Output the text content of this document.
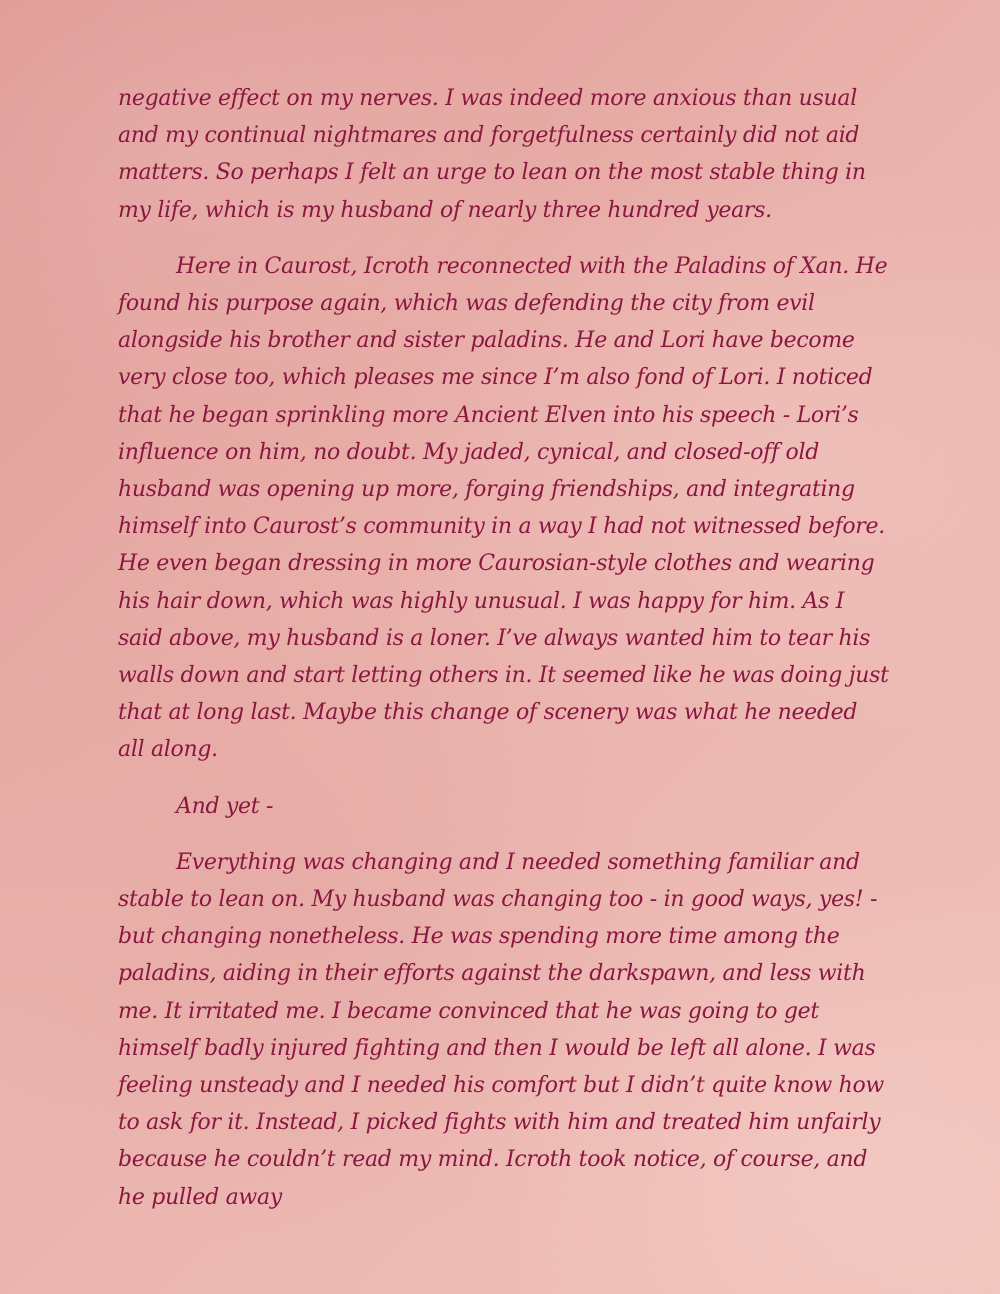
negative effect on my nerves. I was indeed more anxious than usual and my continual nightmares and forgetfulness certainly did not aid matters. So perhaps I felt an urge to lean on the most stable thing in my life, which is my husband of nearly three hundred years.

Here in Caurost, Icroth reconnected with the Paladins of Xan. He found his purpose again, which was defending the city from evil alongside his brother and sister paladins. He and Lori have become very close too, which pleases me since I’m also fond of Lori. I noticed that he began sprinkling more Ancient Elven into his speech - Lori’s influence on him, no doubt. My jaded, cynical, and closed-off old husband was opening up more, forging friendships, and integrating himself into Caurost’s community in a way I had not witnessed before. He even began dressing in more Caurosian-style clothes and wearing his hair down, which was highly unusual. I was happy for him. As I said above, my husband is a loner. I’ve always wanted him to tear his walls down and start letting others in. It seemed like he was doing just that at long last. Maybe this change of scenery was what he needed all along.

And yet -

Everything was changing and I needed something familiar and stable to lean on. My husband was changing too - in good ways, yes! - but changing nonetheless. He was spending more time among the paladins, aiding in their efforts against the darkspawn, and less with me. It irritated me. I became convinced that he was going to get himself badly injured fighting and then I would be left all alone. I was feeling unsteady and I needed his comfort but I didn’t quite know how to ask for it. Instead, I picked fights with him and treated him unfairly because he couldn’t read my mind. Icroth took notice, of course, and he pulled away
